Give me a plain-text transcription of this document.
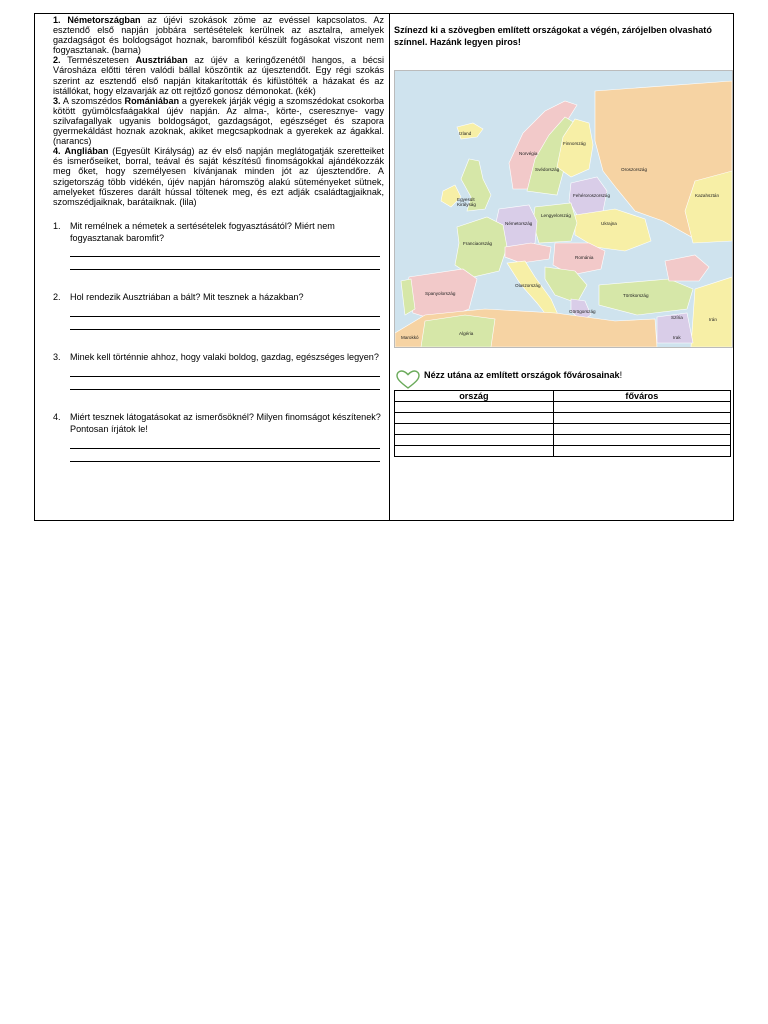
1. Németországban az újévi szokások zöme az evéssel kapcsolatos. Az esztendő első napján jobbára sertésételek kerülnek az asztalra, amelyek gazdagságot és boldogságot hoznak, baromfiból készült fogásokat viszont nem fogyasztanak. (barna)

2. Természetesen Ausztriában az újév a keringőzenétől hangos, a bécsi Városháza előtti téren valódi bállal köszöntik az újesztendőt. Egy régi szokás szerint az esztendő első napján kitakarították és kifüstölték a házakat és az istállókat, hogy elzavarják az ott rejtőző gonosz démonokat. (kék)

3. A szomszédos Romániában a gyerekek járják végig a szomszédokat csokorba kötött gyümölcsfaágakkal újév napján. Az alma-, körte-, cseresznye- vagy szilvafagallyak ugyanis boldogságot, gazdagságot, egészséget és szapora gyermekáldást hoznak azoknak, akiket megcsapkodnak a gyerekek az ágakkal. (narancs)

4. Angliában (Egyesült Királyság) az év első napján meglátogatják szeretteiket és ismerőseiket, borral, teával és saját készítésű finomságokkal ajándékozzák meg őket, hogy személyesen kívánjanak minden jót az újesztendőre. A szigetország több vidékén, újév napján háromszög alakú süteményeket sütnek, amelyeket fűszeres darált hússal töltenek meg, és ezt adják családtagjaiknak, szomszédjaiknak, barátaiknak. (lila)

1. Mit remélnek a németek a sertésételek fogyasztásától? Miért nem fogyasztanak baromfit?
2. Hol rendezik Ausztriában a bált? Mit tesznek a házakban?
3. Minek kell történnie ahhoz, hogy valaki boldog, gazdag, egészséges legyen?
4. Miért tesznek látogatásokat az ismerősöknél? Milyen finomságot készítenek? Pontosan írjátok le!

Színezd ki a szövegben említett országokat a végén, zárójelben olvasható színnel. Hazánk legyen piros!

Izland
Norvégia
Svédország
Finnország
Oroszország
Kazahsztán
Fehéroroszország
Egyesült Királyság
Németország
Lengyelország
Ukrajna
Franciaország
Románia
Olaszország
Spanyolország
Görögország
Törökország
Szíria	Irán
Irak
Algéria
Marokkó
Nézz utána az említett országok fővárosainak!
ország	főváros
